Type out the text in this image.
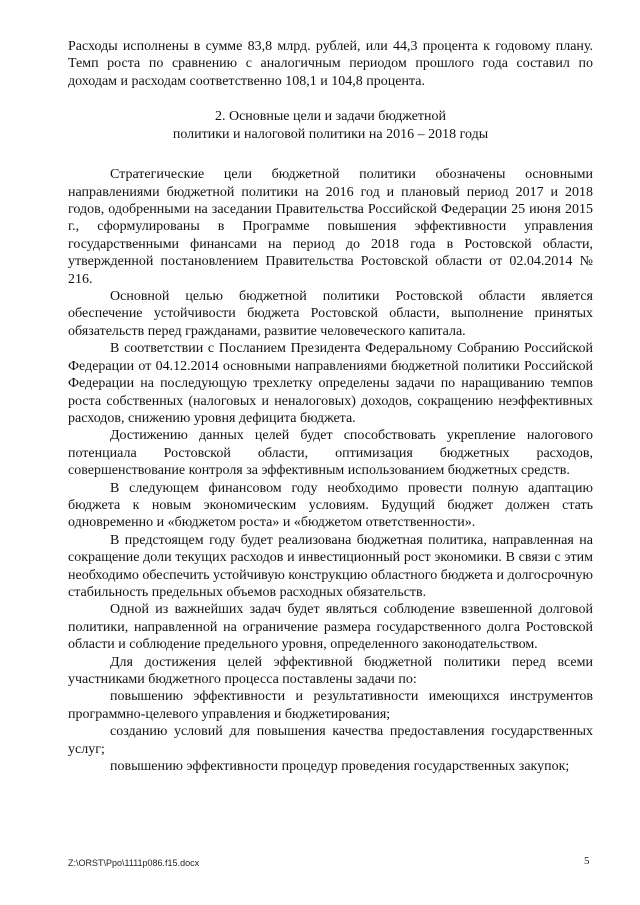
Расходы исполнены в сумме 83,8 млрд. рублей, или 44,3 процента к годовому плану. Темп роста по сравнению с аналогичным периодом прошлого года составил по доходам и расходам соответственно 108,1 и 104,8 процента.

2. Основные цели и задачи бюджетной
политики и налоговой политики на 2016 – 2018 годы

Стратегические цели бюджетной политики обозначены основными направлениями бюджетной политики на 2016 год и плановый период 2017 и 2018 годов, одобренными на заседании Правительства Российской Федерации 25 июня 2015 г., сформулированы в Программе повышения эффективности управления государственными финансами на период до 2018 года в Ростовской области, утвержденной постановлением Правительства Ростовской области от 02.04.2014 № 216.

Основной целью бюджетной политики Ростовской области является обеспечение устойчивости бюджета Ростовской области, выполнение принятых обязательств перед гражданами, развитие человеческого капитала.

В соответствии с Посланием Президента Федеральному Собранию Российской Федерации от 04.12.2014 основными направлениями бюджетной политики Российской Федерации на последующую трехлетку определены задачи по наращиванию темпов роста собственных (налоговых и неналоговых) доходов, сокращению неэффективных расходов, снижению уровня дефицита бюджета.

Достижению данных целей будет способствовать укрепление налогового потенциала Ростовской области, оптимизация бюджетных расходов, совершенствование контроля за эффективным использованием бюджетных средств.

В следующем финансовом году необходимо провести полную адаптацию бюджета к новым экономическим условиям. Будущий бюджет должен стать одновременно и «бюджетом роста» и «бюджетом ответственности».

В предстоящем году будет реализована бюджетная политика, направленная на сокращение доли текущих расходов и инвестиционный рост экономики. В связи с этим необходимо обеспечить устойчивую конструкцию областного бюджета и долгосрочную стабильность предельных объемов расходных обязательств.

Одной из важнейших задач будет являться соблюдение взвешенной долговой политики, направленной на ограничение размера государственного долга Ростовской области и соблюдение предельного уровня, определенного законодательством.

Для достижения целей эффективной бюджетной политики перед всеми участниками бюджетного процесса поставлены задачи по:

повышению эффективности и результативности имеющихся инструментов программно-целевого управления и бюджетирования;

созданию условий для повышения качества предоставления государственных услуг;

повышению эффективности процедур проведения государственных закупок;

Z:\ORST\Ppo\1111p086.f15.docx	5
